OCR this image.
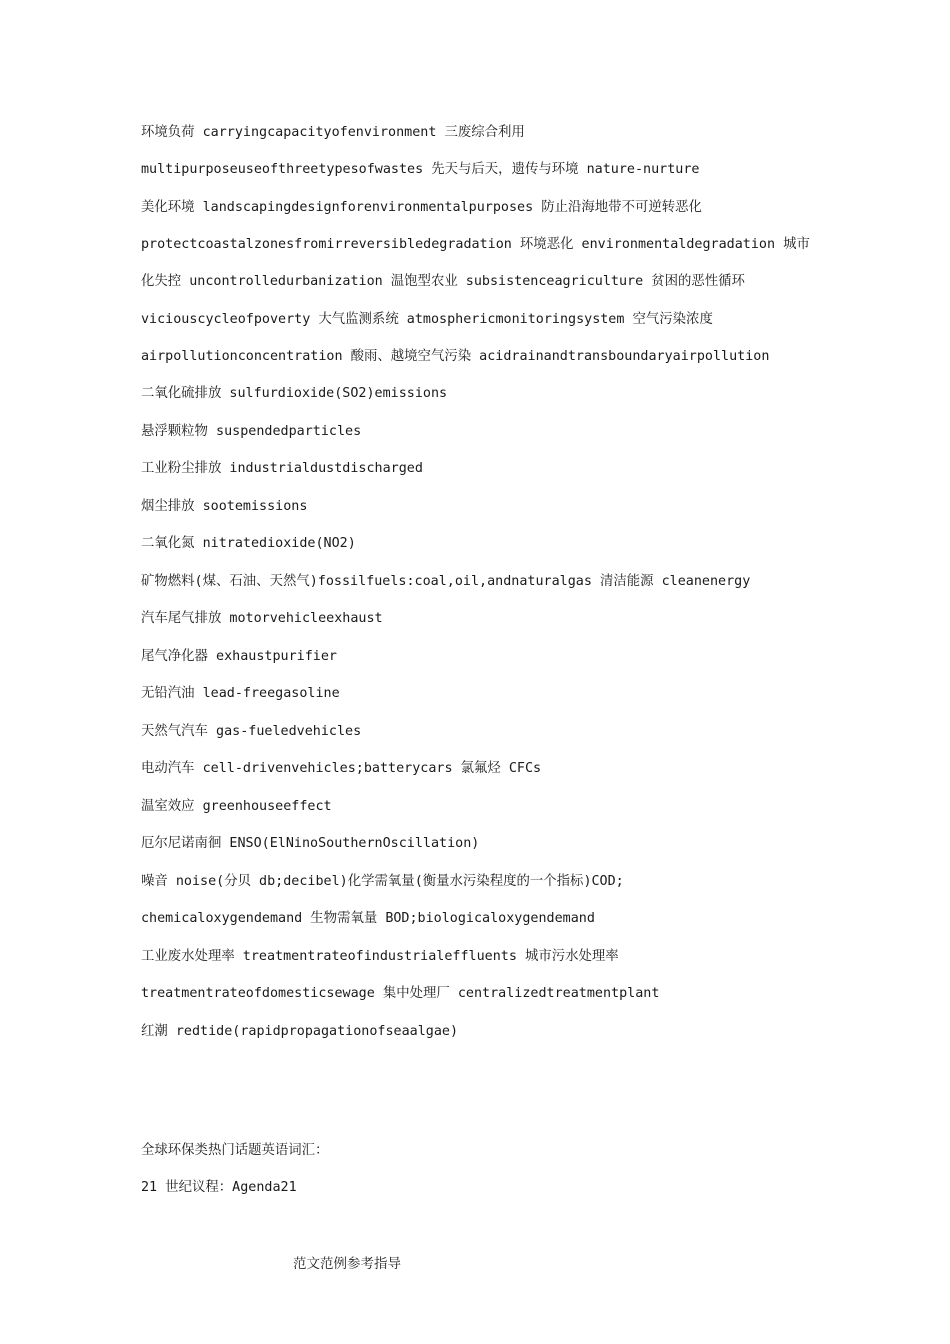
环境负荷 carryingcapacityofenvironment 三废综合利用
multipurposeuseofthreetypesofwastes 先天与后天，遗传与环境 nature-nurture
美化环境 landscapingdesignforenvironmentalpurposes 防止沿海地带不可逆转恶化
protectcoastalzonesfromirreversibledegradation 环境恶化 environmentaldegradation 城市
化失控 uncontrolledurbanization 温饱型农业 subsistenceagriculture 贫困的恶性循环
viciouscycleofpoverty 大气监测系统 atmosphericmonitoringsystem 空气污染浓度
airpollutionconcentration 酸雨、越境空气污染 acidrainandtransboundaryairpollution
二氧化硫排放 sulfurdioxide(SO2)emissions
悬浮颗粒物 suspendedparticles
工业粉尘排放 industrialdustdischarged
烟尘排放 sootemissions
二氧化氮 nitratedioxide(NO2)
矿物燃料(煤、石油、天然气)fossilfuels:coal,oil,andnaturalgas 清洁能源 cleanenergy
汽车尾气排放 motorvehicleexhaust
尾气净化器 exhaustpurifier
无铅汽油 lead-freegasoline
天然气汽车 gas-fueledvehicles
电动汽车 cell-drivenvehicles;batterycars 氯氟烃 CFCs
温室效应 greenhouseeffect
厄尔尼诺南徊 ENSO(ElNinoSouthernOscillation)
噪音 noise(分贝 db;decibel)化学需氧量(衡量水污染程度的一个指标)COD;
chemicaloxygendemand 生物需氧量 BOD;biologicaloxygendemand
工业废水处理率 treatmentrateofindustrialeffluents 城市污水处理率
treatmentrateofdomesticsewage 集中处理厂 centralizedtreatmentplant
红潮 redtide(rapidpropagationofseaalgae)
全球环保类热门话题英语词汇：
21 世纪议程：Agenda21
范文范例参考指导
